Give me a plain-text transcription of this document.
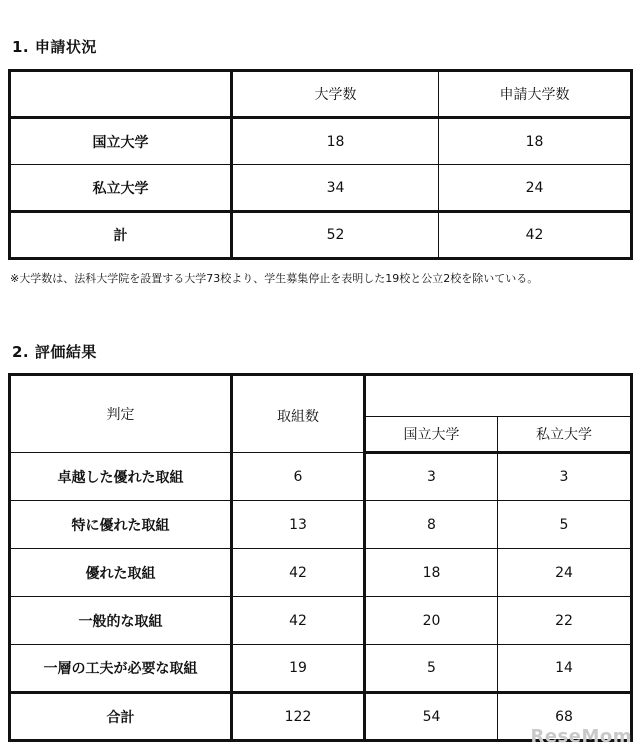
1. 申請状況
	大学数	申請大学数
国立大学	18	18
私立大学	34	24
計	52	42
※大学数は、法科大学院を設置する大学73校より、学生募集停止を表明した19校と公立2校を除いている。
2. 評価結果
判定	取組数		
		国立大学	私立大学
卓越した優れた取組	6	3	3
特に優れた取組	13	8	5
優れた取組	42	18	24
一般的な取組	42	20	22
一層の工夫が必要な取組	19	5	14
合計	122	54	68
ReseMom
